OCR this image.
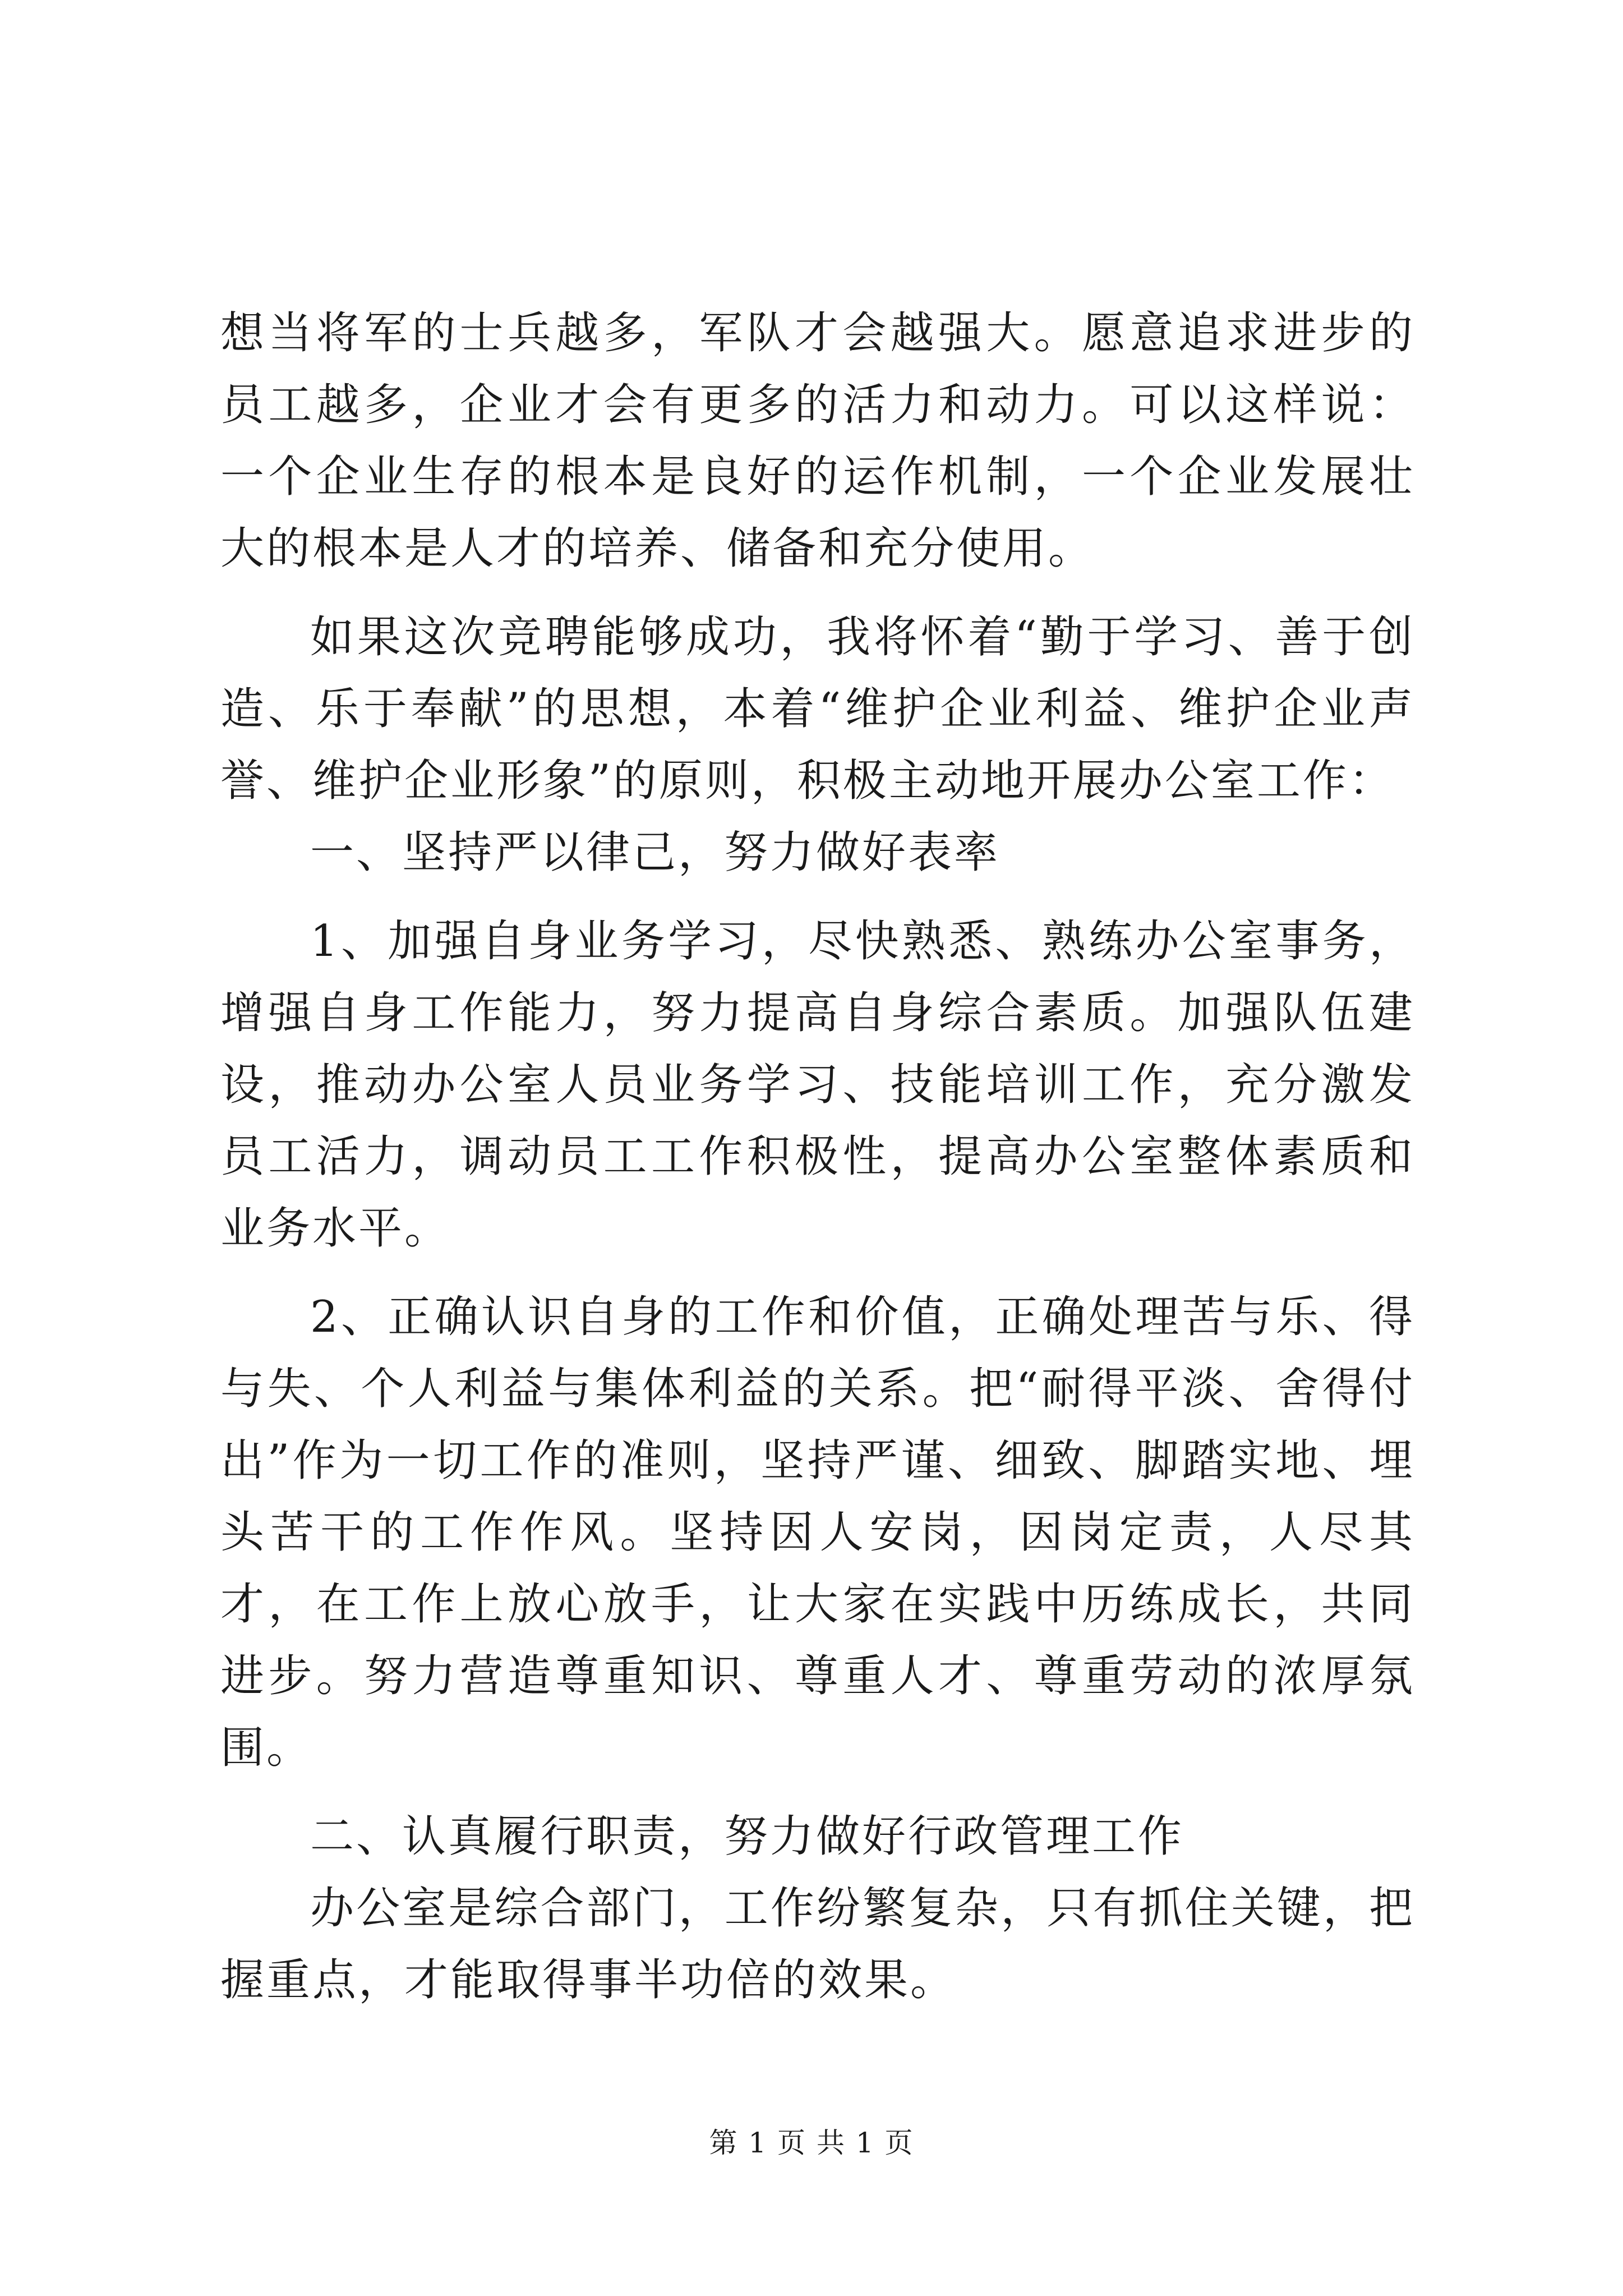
想当将军的士兵越多，军队才会越强大。愿意追求进步的员工越多，企业才会有更多的活力和动力。可以这样说：一个企业生存的根本是良好的运作机制，一个企业发展壮大的根本是人才的培养、储备和充分使用。

如果这次竞聘能够成功，我将怀着“勤于学习、善于创造、乐于奉献”的思想，本着“维护企业利益、维护企业声誉、维护企业形象”的原则，积极主动地开展办公室工作：

一、坚持严以律己，努力做好表率

1、加强自身业务学习，尽快熟悉、熟练办公室事务，增强自身工作能力，努力提高自身综合素质。加强队伍建设，推动办公室人员业务学习、技能培训工作，充分激发员工活力，调动员工工作积极性，提高办公室整体素质和业务水平。

2、正确认识自身的工作和价值，正确处理苦与乐、得与失、个人利益与集体利益的关系。把“耐得平淡、舍得付出”作为一切工作的准则，坚持严谨、细致、脚踏实地、埋头苦干的工作作风。坚持因人安岗，因岗定责，人尽其才，在工作上放心放手，让大家在实践中历练成长，共同进步。努力营造尊重知识、尊重人才、尊重劳动的浓厚氛围。

二、认真履行职责，努力做好行政管理工作

办公室是综合部门，工作纷繁复杂，只有抓住关键，把握重点，才能取得事半功倍的效果。

第 1 页 共 1 页
